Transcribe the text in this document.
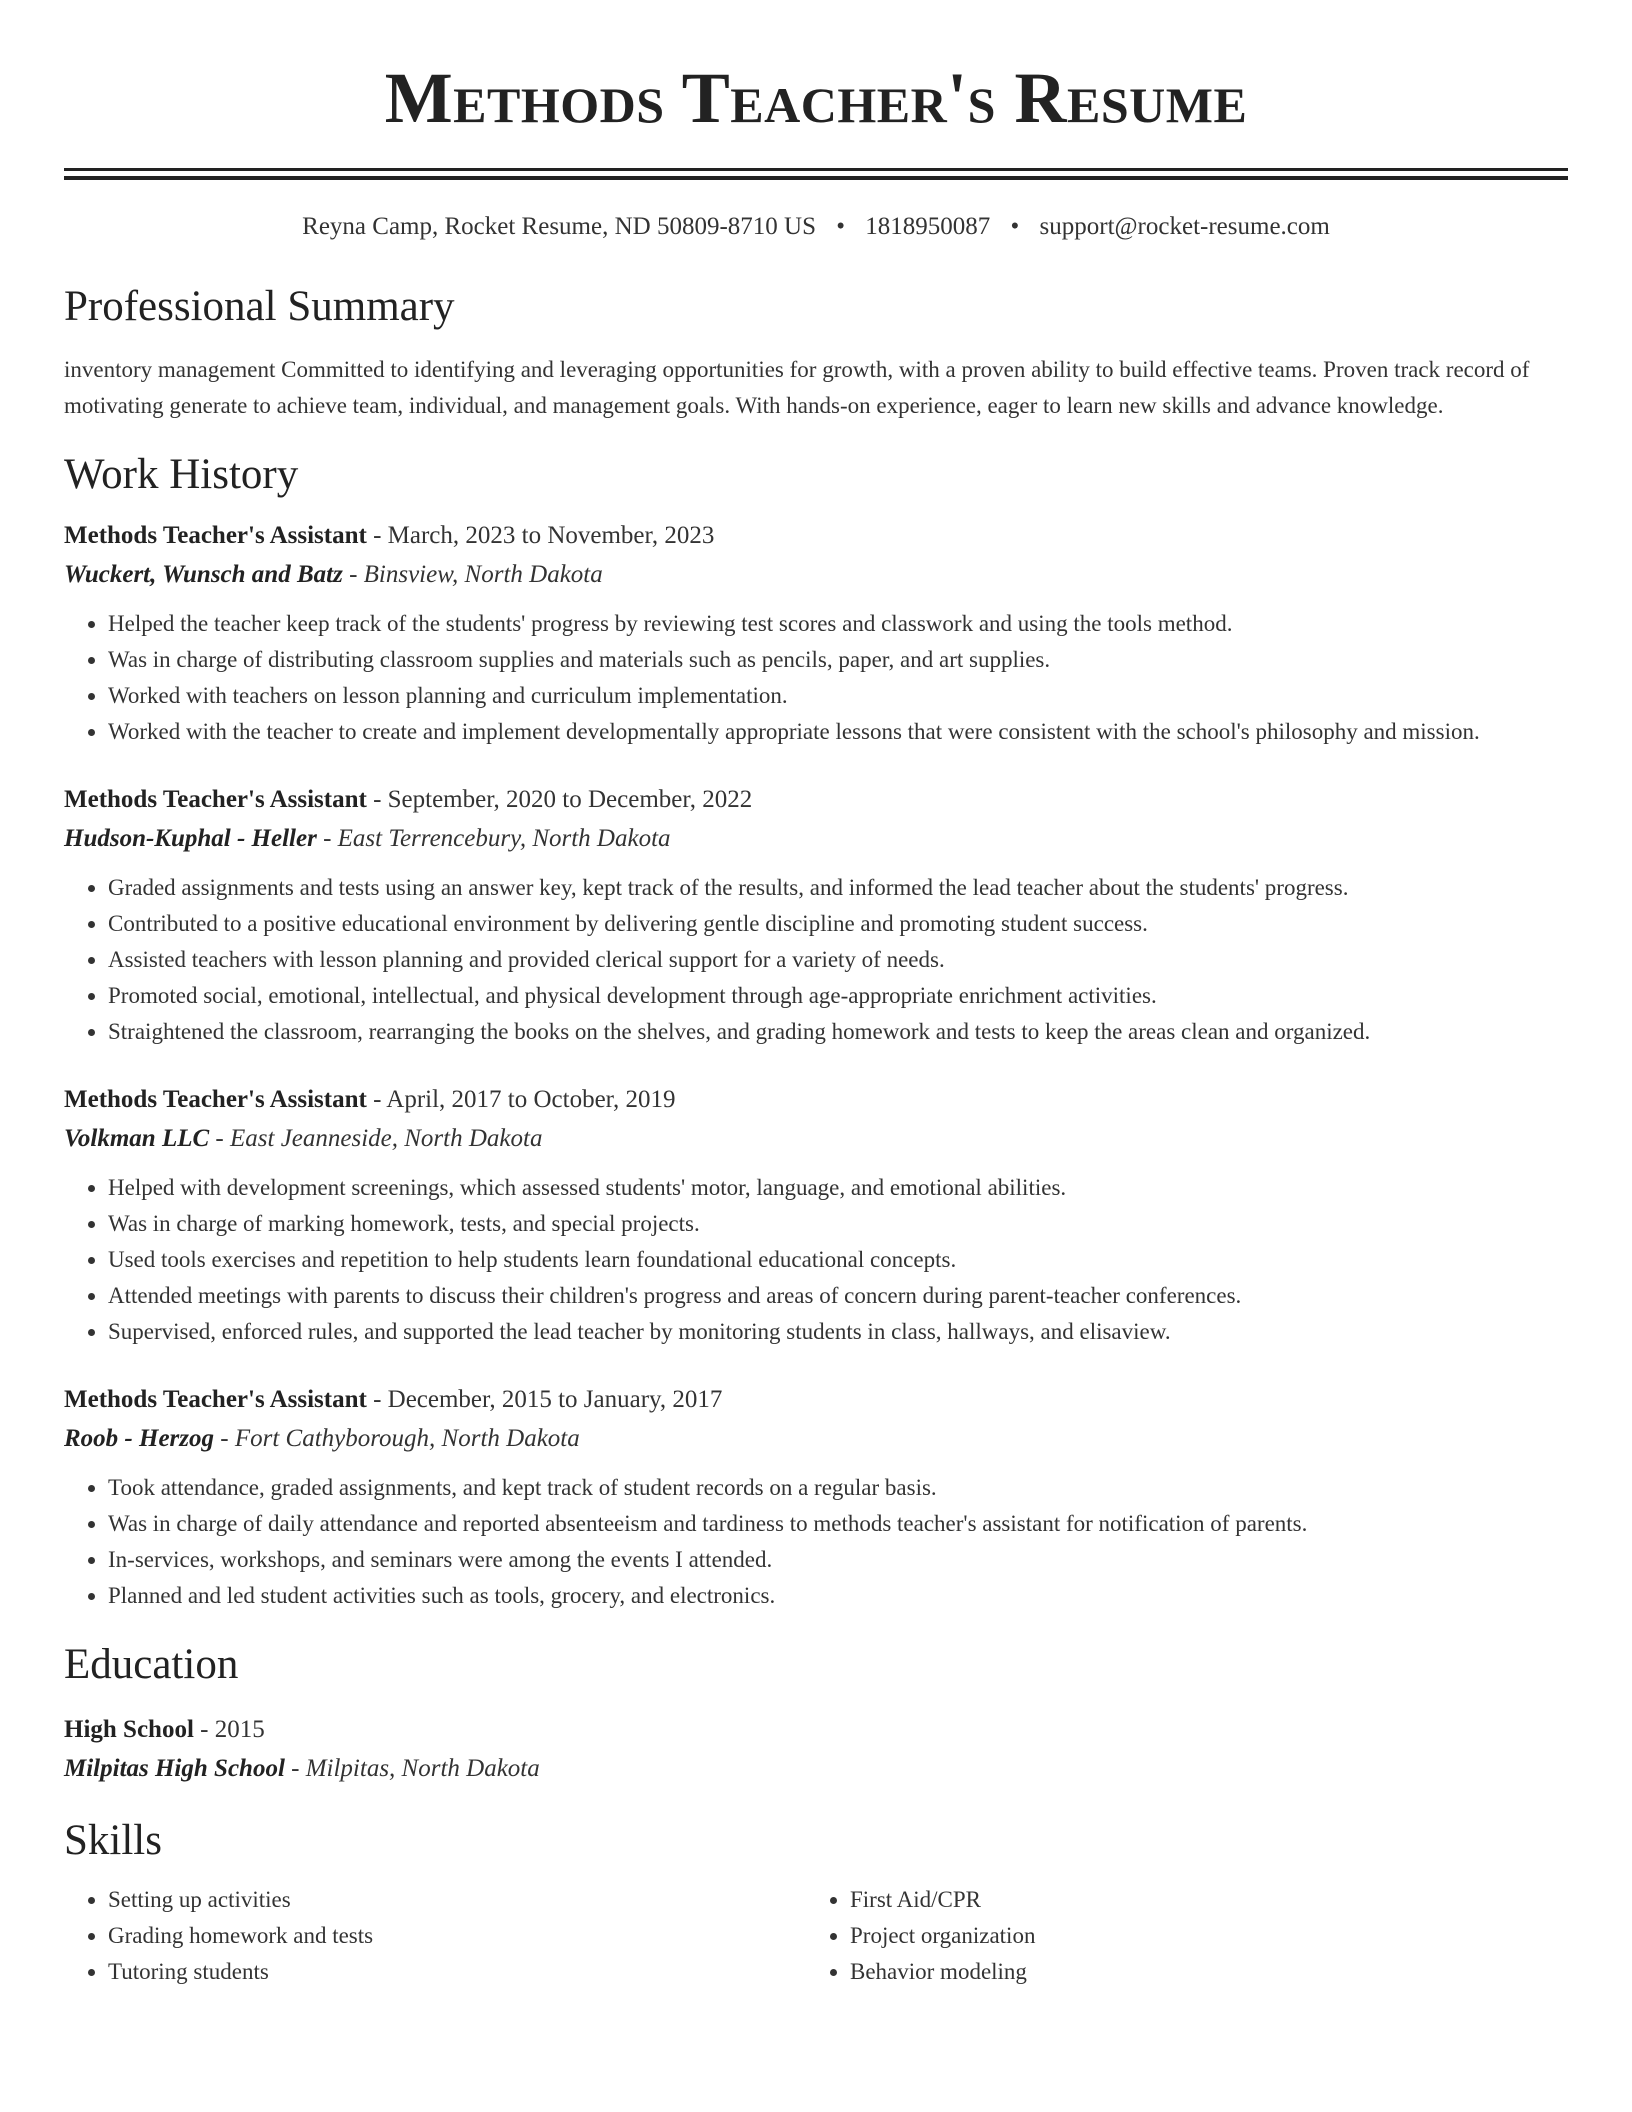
Methods Teacher's Resume
Reyna Camp, Rocket Resume, ND 50809-8710 US • 1818950087 • support@rocket-resume.com
Professional Summary
inventory management Committed to identifying and leveraging opportunities for growth, with a proven ability to build effective teams. Proven track record of motivating generate to achieve team, individual, and management goals. With hands-on experience, eager to learn new skills and advance knowledge.
Work History
Methods Teacher's Assistant - March, 2023 to November, 2023
Wuckert, Wunsch and Batz - Binsview, North Dakota
• Helped the teacher keep track of the students' progress by reviewing test scores and classwork and using the tools method.
• Was in charge of distributing classroom supplies and materials such as pencils, paper, and art supplies.
• Worked with teachers on lesson planning and curriculum implementation.
• Worked with the teacher to create and implement developmentally appropriate lessons that were consistent with the school's philosophy and mission.
Methods Teacher's Assistant - September, 2020 to December, 2022
Hudson-Kuphal - Heller - East Terrencebury, North Dakota
• Graded assignments and tests using an answer key, kept track of the results, and informed the lead teacher about the students' progress.
• Contributed to a positive educational environment by delivering gentle discipline and promoting student success.
• Assisted teachers with lesson planning and provided clerical support for a variety of needs.
• Promoted social, emotional, intellectual, and physical development through age-appropriate enrichment activities.
• Straightened the classroom, rearranging the books on the shelves, and grading homework and tests to keep the areas clean and organized.
Methods Teacher's Assistant - April, 2017 to October, 2019
Volkman LLC - East Jeanneside, North Dakota
• Helped with development screenings, which assessed students' motor, language, and emotional abilities.
• Was in charge of marking homework, tests, and special projects.
• Used tools exercises and repetition to help students learn foundational educational concepts.
• Attended meetings with parents to discuss their children's progress and areas of concern during parent-teacher conferences.
• Supervised, enforced rules, and supported the lead teacher by monitoring students in class, hallways, and elisaview.
Methods Teacher's Assistant - December, 2015 to January, 2017
Roob - Herzog - Fort Cathyborough, North Dakota
• Took attendance, graded assignments, and kept track of student records on a regular basis.
• Was in charge of daily attendance and reported absenteeism and tardiness to methods teacher's assistant for notification of parents.
• In-services, workshops, and seminars were among the events I attended.
• Planned and led student activities such as tools, grocery, and electronics.
Education
High School - 2015
Milpitas High School - Milpitas, North Dakota
Skills
• Setting up activities
• Grading homework and tests
• Tutoring students
• First Aid/CPR
• Project organization
• Behavior modeling
